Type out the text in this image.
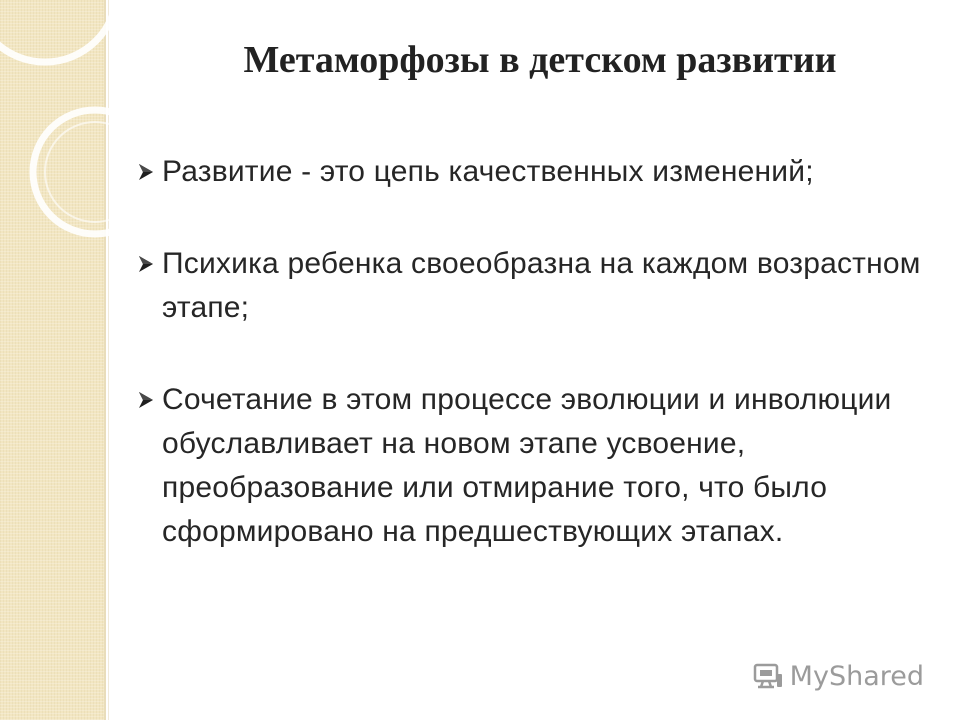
Метаморфозы в детском развитии
Развитие - это цепь качественных изменений;
Психика ребенка своеобразна на каждом возрастном этапе;
Сочетание в этом процессе эволюции и инволюции обуславливает на новом этапе усвоение, преобразование или отмирание того, что было сформировано на предшествующих этапах.
MyShared
